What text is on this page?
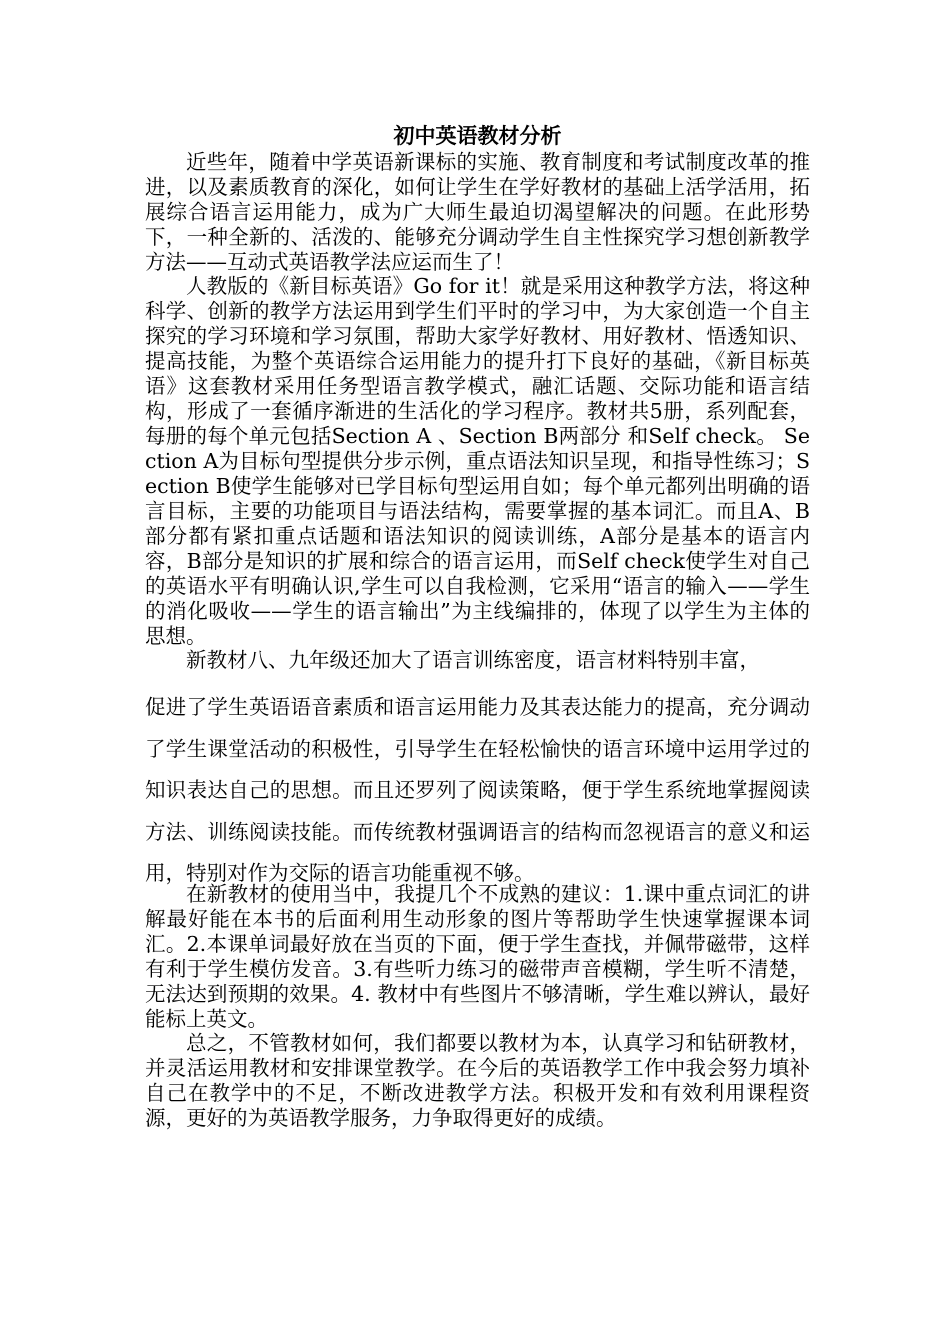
初中英语教材分析

近些年，随着中学英语新课标的实施、教育制度和考试制度改革的推进，以及素质教育的深化，如何让学生在学好教材的基础上活学活用，拓展综合语言运用能力，成为广大师生最迫切渴望解决的问题。在此形势下，一种全新的、活泼的、能够充分调动学生自主性探究学习想创新教学方法——互动式英语教学法应运而生了！

人教版的《新目标英语》Go for it！就是采用这种教学方法，将这种科学、创新的教学方法运用到学生们平时的学习中，为大家创造一个自主探究的学习环境和学习氛围，帮助大家学好教材、用好教材、悟透知识、提高技能，为整个英语综合运用能力的提升打下良好的基础，《新目标英语》这套教材采用任务型语言教学模式，融汇话题、交际功能和语言结构，形成了一套循序渐进的生活化的学习程序。教材共5册，系列配套，每册的每个单元包括Section A 、Section B两部分 和Self check。 Section A为目标句型提供分步示例，重点语法知识呈现，和指导性练习；Section B使学生能够对已学目标句型运用自如；每个单元都列出明确的语言目标，主要的功能项目与语法结构，需要掌握的基本词汇。而且A、B部分都有紧扣重点话题和语法知识的阅读训练，A部分是基本的语言内容，B部分是知识的扩展和综合的语言运用，而Self check使学生对自己的英语水平有明确认识,学生可以自我检测，它采用“语言的输入——学生的消化吸收——学生的语言输出”为主线编排的，体现了以学生为主体的思想。

新教材八、九年级还加大了语言训练密度，语言材料特别丰富，

促进了学生英语语音素质和语言运用能力及其表达能力的提高，充分调动了学生课堂活动的积极性，引导学生在轻松愉快的语言环境中运用学过的知识表达自己的思想。而且还罗列了阅读策略，便于学生系统地掌握阅读方法、训练阅读技能。而传统教材强调语言的结构而忽视语言的意义和运用，特别对作为交际的语言功能重视不够。

在新教材的使用当中，我提几个不成熟的建议：1.课中重点词汇的讲解最好能在本书的后面利用生动形象的图片等帮助学生快速掌握课本词汇。2.本课单词最好放在当页的下面，便于学生查找，并佩带磁带，这样有利于学生模仿发音。3.有些听力练习的磁带声音模糊，学生听不清楚，无法达到预期的效果。4. 教材中有些图片不够清晰，学生难以辨认，最好能标上英文。

总之，不管教材如何，我们都要以教材为本，认真学习和钻研教材，并灵活运用教材和安排课堂教学。在今后的英语教学工作中我会努力填补自己在教学中的不足，不断改进教学方法。积极开发和有效利用课程资源，更好的为英语教学服务，力争取得更好的成绩。
